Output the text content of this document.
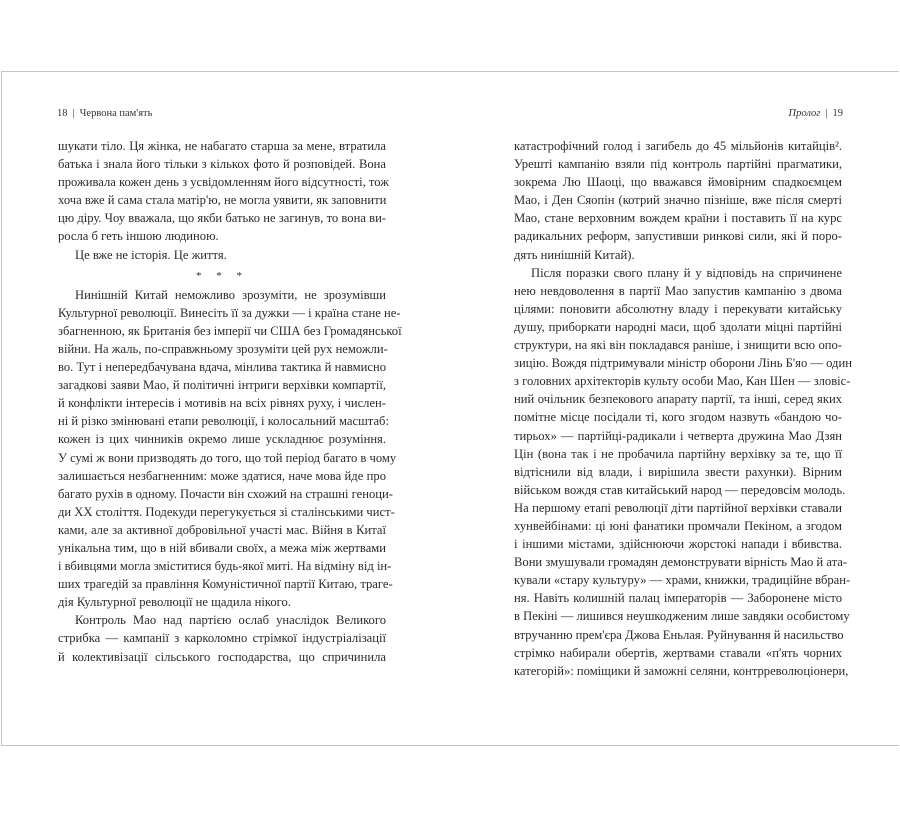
18 | Червона пам'ять	Пролог | 19
шукати тіло. Ця жінка, не набагато старша за мене, втратила
батька і знала його тільки з кількох фото й розповідей. Вона
проживала кожен день з усвідомленням його відсутності, тож
хоча вже й сама стала матір'ю, не могла уявити, як заповнити
цю діру. Чоу вважала, що якби батько не загинув, то вона ви-
росла б геть іншою людиною.
Це вже не історія. Це життя.
* * *
Нинішній Китай неможливо зрозуміти, не зрозумівши
Культурної революції. Винесіть її за дужки — і країна стане не-
збагненною, як Британія без імперії чи США без Громадянської
війни. На жаль, по-справжньому зрозуміти цей рух неможли-
во. Тут і непередбачувана вдача, мінлива тактика й навмисно
загадкові заяви Мао, й політичні інтриги верхівки компартії,
й конфлікти інтересів і мотивів на всіх рівнях руху, і числен-
ні й різко змінювані етапи революції, і колосальний масштаб:
кожен із цих чинників окремо лише ускладнює розуміння.
У сумі ж вони призводять до того, що той період багато в чому
залишається незбагненним: може здатися, наче мова йде про
багато рухів в одному. Почасти він схожий на страшні геноци-
ди XX століття. Подекуди перегукується зі сталінськими чист-
ками, але за активної добровільної участі мас. Війня в Китаї
унікальна тим, що в ній вбивали своїх, а межа між жертвами
і вбивцями могла зміститися будь-якої миті. На відміну від ін-
ших трагедій за правління Комуністичної партії Китаю, траге-
дія Культурної революції не щадила нікого.
Контроль Мао над партією ослаб унаслідок Великого
стрибка — кампанії з карколомно стрімкої індустріалізації
й колективізації сільського господарства, що спричинила
катастрофічний голод і загибель до 45 мільйонів китайців².
Урешті кампанію взяли під контроль партійні прагматики,
зокрема Лю Шаоці, що вважався ймовірним спадкоємцем
Мао, і Ден Сяопін (котрий значно пізніше, вже після смерті
Мао, стане верховним вождем країни і поставить її на курс
радикальних реформ, запустивши ринкові сили, які й поро-
дять нинішній Китай).
Після поразки свого плану й у відповідь на спричинене
нею невдоволення в партії Мао запустив кампанію з двома
цілями: поновити абсолютну владу і перекувати китайську
душу, приборкати народні маси, щоб здолати міцні партійні
структури, на які він покладався раніше, і знищити всю опо-
зицію. Вождя підтримували міністр оборони Лінь Б'яо — один
з головних архітекторів культу особи Мао, Кан Шен — зловіс-
ний очільник безпекового апарату партії, та інші, серед яких
помітне місце посідали ті, кого згодом назвуть «бандою чо-
тирьох» — партійці-радикали і четверта дружина Мао Дзян
Цін (вона так і не пробачила партійну верхівку за те, що її
відтіснили від влади, і вирішила звести рахунки). Вірним
військом вождя став китайський народ — передовсім молодь.
На першому етапі революції діти партійної верхівки ставали
хунвейбінами: ці юні фанатики промчали Пекіном, а згодом
і іншими містами, здійснюючи жорстокі напади і вбивства.
Вони змушували громадян демонструвати вірність Мао й ата-
кували «стару культуру» — храми, книжки, традиційне вбран-
ня. Навіть колишній палац імператорів — Заборонене місто
в Пекіні — лишився неушкодженим лише завдяки особистому
втручанню прем'єра Джова Еньлая. Руйнування й насильство
стрімко набирали обертів, жертвами ставали «п'ять чорних
категорій»: поміщики й заможні селяни, контрреволюціонери,
